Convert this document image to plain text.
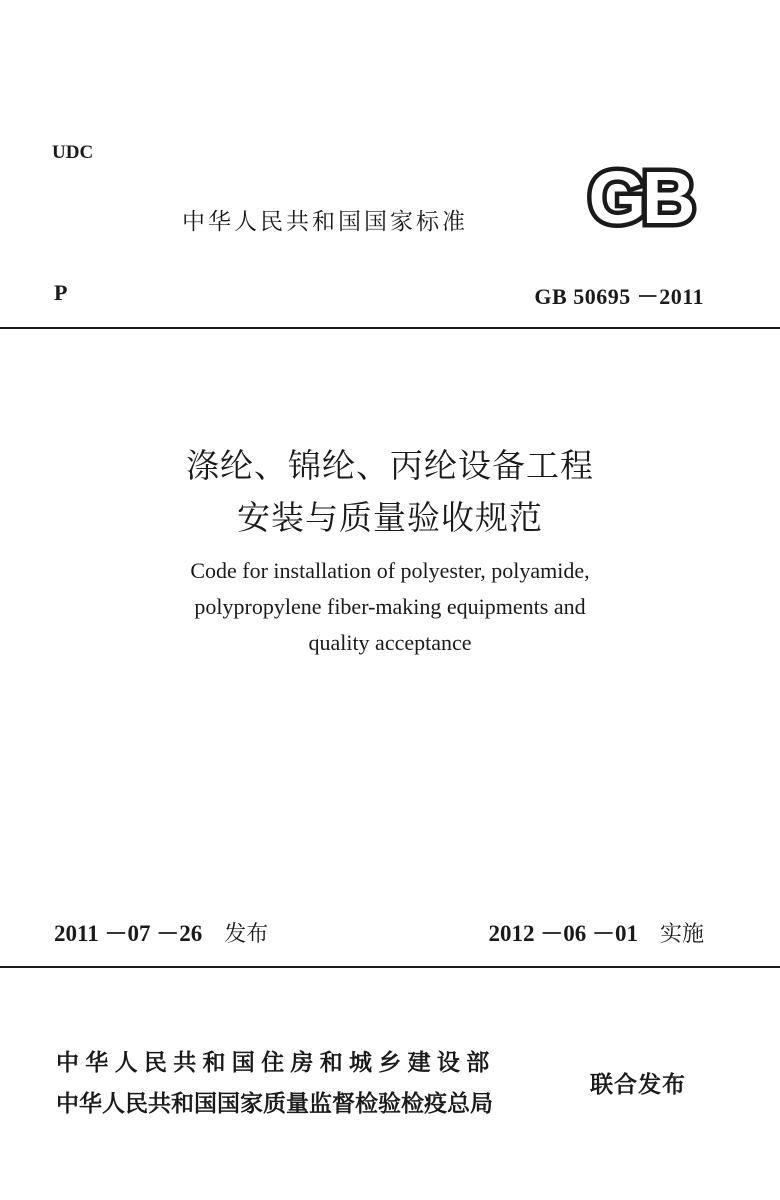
UDC
中华人民共和国国家标准 GB
P	GB 50695 －2011
涤纶、锦纶、丙纶设备工程
安装与质量验收规范
Code for installation of polyester, polyamide,
polypropylene fiber-making equipments and
quality acceptance
2011 －07 －26 发布	2012 －06 －01 实施
中华人民共和国住房和城乡建设部
中华人民共和国国家质量监督检验检疫总局
联合发布
